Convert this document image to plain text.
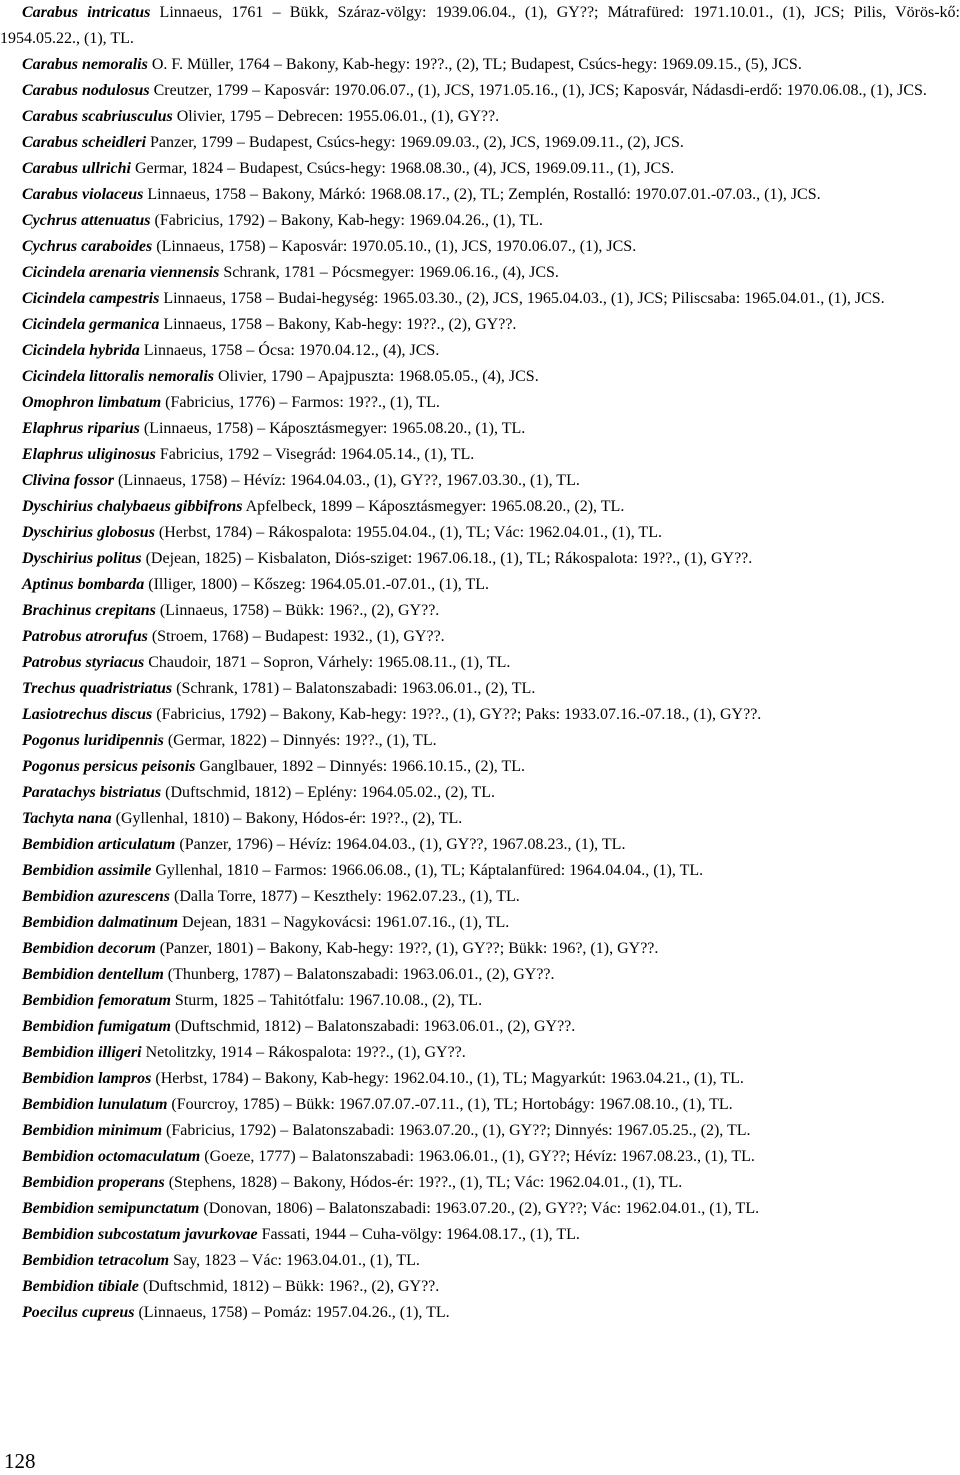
Carabus intricatus Linnaeus, 1761 – Bükk, Száraz-völgy: 1939.06.04., (1), GY??; Mátrafüred: 1971.10.01., (1), JCS; Pilis, Vörös-kő: 1954.05.22., (1), TL.
Carabus nemoralis O. F. Müller, 1764 – Bakony, Kab-hegy: 19??., (2), TL; Budapest, Csúcs-hegy: 1969.09.15., (5), JCS.
Carabus nodulosus Creutzer, 1799 – Kaposvár: 1970.06.07., (1), JCS, 1971.05.16., (1), JCS; Kaposvár, Nádasdi-erdő: 1970.06.08., (1), JCS.
Carabus scabriusculus Olivier, 1795 – Debrecen: 1955.06.01., (1), GY??.
Carabus scheidleri Panzer, 1799 – Budapest, Csúcs-hegy: 1969.09.03., (2), JCS, 1969.09.11., (2), JCS.
Carabus ullrichi Germar, 1824 – Budapest, Csúcs-hegy: 1968.08.30., (4), JCS, 1969.09.11., (1), JCS.
Carabus violaceus Linnaeus, 1758 – Bakony, Márkó: 1968.08.17., (2), TL; Zemplén, Rostalló: 1970.07.01.-07.03., (1), JCS.
Cychrus attenuatus (Fabricius, 1792) – Bakony, Kab-hegy: 1969.04.26., (1), TL.
Cychrus caraboides (Linnaeus, 1758) – Kaposvár: 1970.05.10., (1), JCS, 1970.06.07., (1), JCS.
Cicindela arenaria viennensis Schrank, 1781 – Pócsmegyer: 1969.06.16., (4), JCS.
Cicindela campestris Linnaeus, 1758 – Budai-hegység: 1965.03.30., (2), JCS, 1965.04.03., (1), JCS; Piliscsaba: 1965.04.01., (1), JCS.
Cicindela germanica Linnaeus, 1758 – Bakony, Kab-hegy: 19??., (2), GY??.
Cicindela hybrida Linnaeus, 1758 – Ócsa: 1970.04.12., (4), JCS.
Cicindela littoralis nemoralis Olivier, 1790 – Apajpuszta: 1968.05.05., (4), JCS.
Omophron limbatum (Fabricius, 1776) – Farmos: 19??., (1), TL.
Elaphrus riparius (Linnaeus, 1758) – Káposztásmegyer: 1965.08.20., (1), TL.
Elaphrus uliginosus Fabricius, 1792 – Visegrád: 1964.05.14., (1), TL.
Clivina fossor (Linnaeus, 1758) – Hévíz: 1964.04.03., (1), GY??, 1967.03.30., (1), TL.
Dyschirius chalybaeus gibbifrons Apfelbeck, 1899 – Káposztásmegyer: 1965.08.20., (2), TL.
Dyschirius globosus (Herbst, 1784) – Rákospalota: 1955.04.04., (1), TL; Vác: 1962.04.01., (1), TL.
Dyschirius politus (Dejean, 1825) – Kisbalaton, Diós-sziget: 1967.06.18., (1), TL; Rákospalota: 19??., (1), GY??.
Aptinus bombarda (Illiger, 1800) – Kőszeg: 1964.05.01.-07.01., (1), TL.
Brachinus crepitans (Linnaeus, 1758) – Bükk: 196?., (2), GY??.
Patrobus atrorufus (Stroem, 1768) – Budapest: 1932., (1), GY??.
Patrobus styriacus Chaudoir, 1871 – Sopron, Várhely: 1965.08.11., (1), TL.
Trechus quadristriatus (Schrank, 1781) – Balatonszabadi: 1963.06.01., (2), TL.
Lasiotrechus discus (Fabricius, 1792) – Bakony, Kab-hegy: 19??., (1), GY??; Paks: 1933.07.16.-07.18., (1), GY??.
Pogonus luridipennis (Germar, 1822) – Dinnyés: 19??., (1), TL.
Pogonus persicus peisonis Ganglbauer, 1892 – Dinnyés: 1966.10.15., (2), TL.
Paratachys bistriatus (Duftschmid, 1812) – Eplény: 1964.05.02., (2), TL.
Tachyta nana (Gyllenhal, 1810) – Bakony, Hódos-ér: 19??., (2), TL.
Bembidion articulatum (Panzer, 1796) – Hévíz: 1964.04.03., (1), GY??, 1967.08.23., (1), TL.
Bembidion assimile Gyllenhal, 1810 – Farmos: 1966.06.08., (1), TL; Káptalanfüred: 1964.04.04., (1), TL.
Bembidion azurescens (Dalla Torre, 1877) – Keszthely: 1962.07.23., (1), TL.
Bembidion dalmatinum Dejean, 1831 – Nagykovácsi: 1961.07.16., (1), TL.
Bembidion decorum (Panzer, 1801) – Bakony, Kab-hegy: 19??, (1), GY??; Bükk: 196?, (1), GY??.
Bembidion dentellum (Thunberg, 1787) – Balatonszabadi: 1963.06.01., (2), GY??.
Bembidion femoratum Sturm, 1825 – Tahitótfalu: 1967.10.08., (2), TL.
Bembidion fumigatum (Duftschmid, 1812) – Balatonszabadi: 1963.06.01., (2), GY??.
Bembidion illigeri Netolitzky, 1914 – Rákospalota: 19??., (1), GY??.
Bembidion lampros (Herbst, 1784) – Bakony, Kab-hegy: 1962.04.10., (1), TL; Magyarkút: 1963.04.21., (1), TL.
Bembidion lunulatum (Fourcroy, 1785) – Bükk: 1967.07.07.-07.11., (1), TL; Hortobágy: 1967.08.10., (1), TL.
Bembidion minimum (Fabricius, 1792) – Balatonszabadi: 1963.07.20., (1), GY??; Dinnyés: 1967.05.25., (2), TL.
Bembidion octomaculatum (Goeze, 1777) – Balatonszabadi: 1963.06.01., (1), GY??; Hévíz: 1967.08.23., (1), TL.
Bembidion properans (Stephens, 1828) – Bakony, Hódos-ér: 19??., (1), TL; Vác: 1962.04.01., (1), TL.
Bembidion semipunctatum (Donovan, 1806) – Balatonszabadi: 1963.07.20., (2), GY??; Vác: 1962.04.01., (1), TL.
Bembidion subcostatum javurkovae Fassati, 1944 – Cuha-völgy: 1964.08.17., (1), TL.
Bembidion tetracolum Say, 1823 – Vác: 1963.04.01., (1), TL.
Bembidion tibiale (Duftschmid, 1812) – Bükk: 196?., (2), GY??.
Poecilus cupreus (Linnaeus, 1758) – Pomáz: 1957.04.26., (1), TL.
128
